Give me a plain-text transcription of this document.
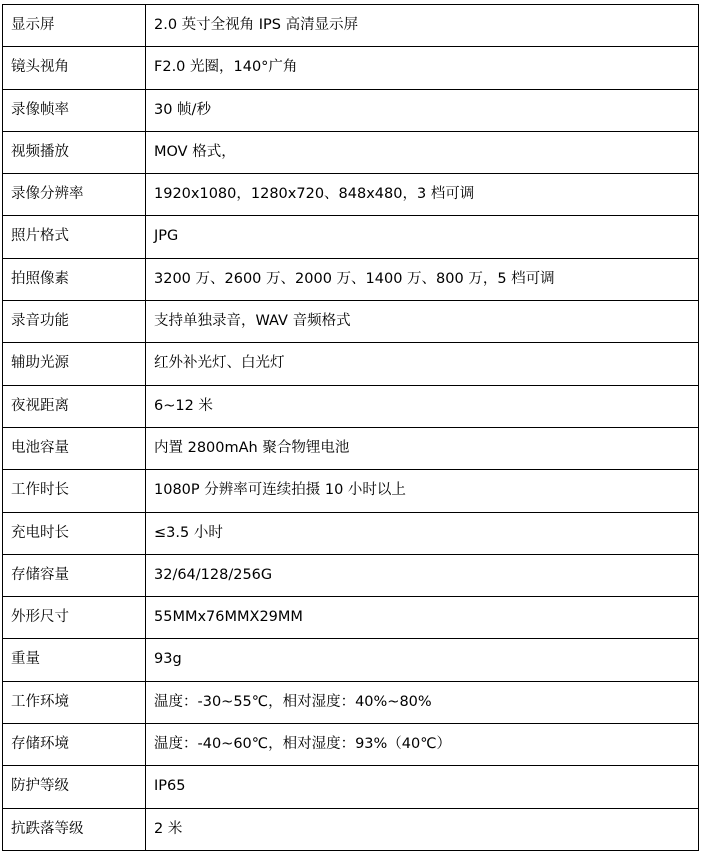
显示屏	2.0 英寸全视角 IPS 高清显示屏
镜头视角	F2.0 光圈，140°广角
录像帧率	30 帧/秒
视频播放	MOV 格式，
录像分辨率	1920x1080，1280x720、848x480，3 档可调
照片格式	JPG
拍照像素	3200 万、2600 万、2000 万、1400 万、800 万，5 档可调
录音功能	支持单独录音，WAV 音频格式
辅助光源	红外补光灯、白光灯
夜视距离	6~12 米
电池容量	内置 2800mAh 聚合物锂电池
工作时长	1080P 分辨率可连续拍摄 10 小时以上
充电时长	≤3.5 小时
存储容量	32/64/128/256G
外形尺寸	55MMx76MMX29MM
重量	93g
工作环境	温度：-30~55℃，相对湿度：40%~80%
存储环境	温度：-40~60℃，相对湿度：93%（40℃）
防护等级	IP65
抗跌落等级	2 米
